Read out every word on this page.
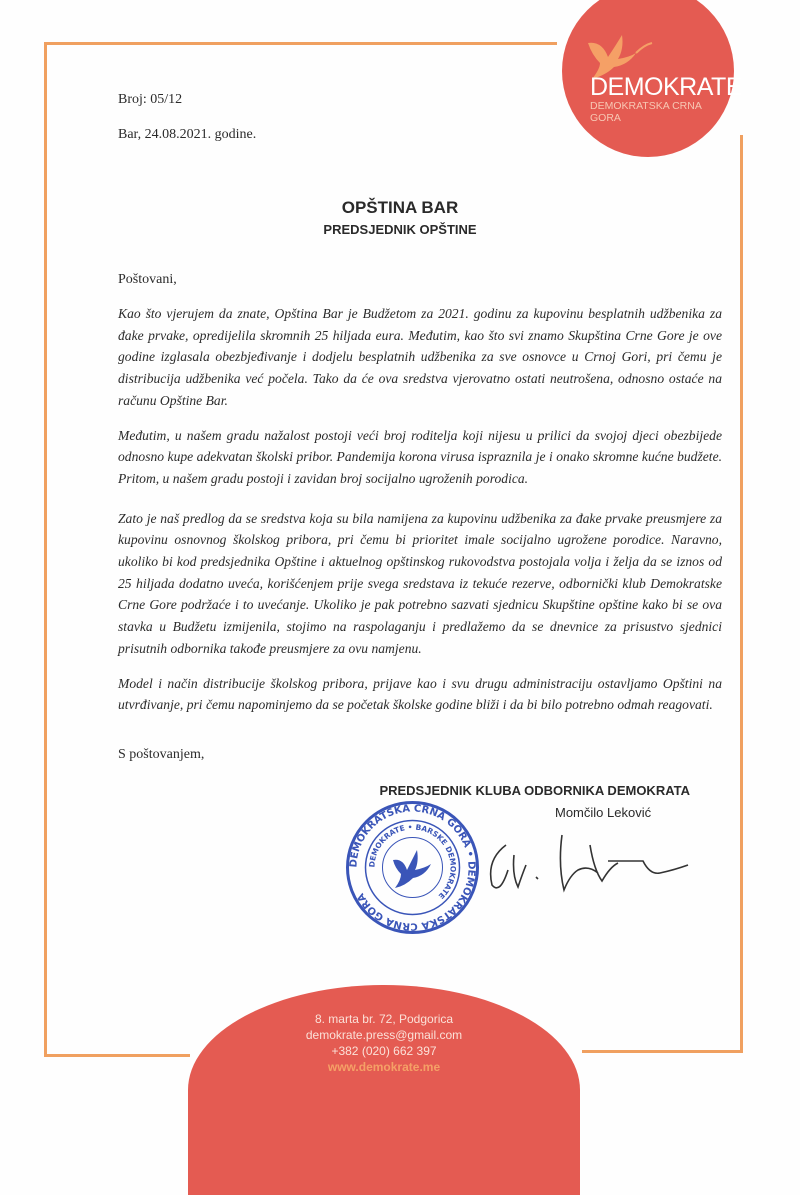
DEMOKRATE
DEMOKRATSKA CRNA GORA
Broj: 05/12
Bar, 24.08.2021. godine.
OPŠTINA BAR
PREDSJEDNIK OPŠTINE
Poštovani,

Kao što vjerujem da znate, Opština Bar je Budžetom za 2021. godinu za kupovinu besplatnih udžbenika za đake prvake, opredijelila skromnih 25 hiljada eura. Međutim, kao što svi znamo Skupština Crne Gore je ove godine izglasala obezbjeđivanje i dodjelu besplatnih udžbenika za sve osnovce u Crnoj Gori, pri čemu je distribucija udžbenika već počela. Tako da će ova sredstva vjerovatno ostati neutrošena, odnosno ostaće na računu Opštine Bar.

Međutim, u našem gradu nažalost postoji veći broj roditelja koji nijesu u prilici da svojoj djeci obezbijede odnosno kupe adekvatan školski pribor. Pandemija korona virusa ispraznila je i onako skromne kućne budžete. Pritom, u našem gradu postoji i zavidan broj socijalno ugroženih porodica.

Zato je naš predlog da se sredstva koja su bila namijena za kupovinu udžbenika za đake prvake preusmjere za kupovinu osnovnog školskog pribora, pri čemu bi prioritet imale socijalno ugrožene porodice. Naravno, ukoliko bi kod predsjednika Opštine i aktuelnog opštinskog rukovodstva postojala volja i želja da se iznos od 25 hiljada dodatno uveća, korišćenjem prije svega sredstava iz tekuće rezerve, odbornički klub Demokratske Crne Gore podržaće i to uvećanje. Ukoliko je pak potrebno sazvati sjednicu Skupštine opštine kako bi se ova stavka u Budžetu izmijenila, stojimo na raspolaganju i predlažemo da se dnevnice za prisustvo sjednici prisutnih odbornika takođe preusmjere za ovu namjenu.

Model i način distribucije školskog pribora, prijave kao i svu drugu administraciju ostavljamo Opštini na utvrđivanje, pri čemu napominjemo da se početak školske godine bliži i da bi bilo potrebno odmah reagovati.

S poštovanjem,
PREDSJEDNIK KLUBA ODBORNIKA DEMOKRATA
Momčilo Leković
DEMOKRATSKA CRNA GORA • DEMOKRATSKA CRNA GORA
DEMOKRATE • BARSKE DEMOKRATE
8. marta br. 72, Podgorica
demokrate.press@gmail.com
+382 (020) 662 397
www.demokrate.me
